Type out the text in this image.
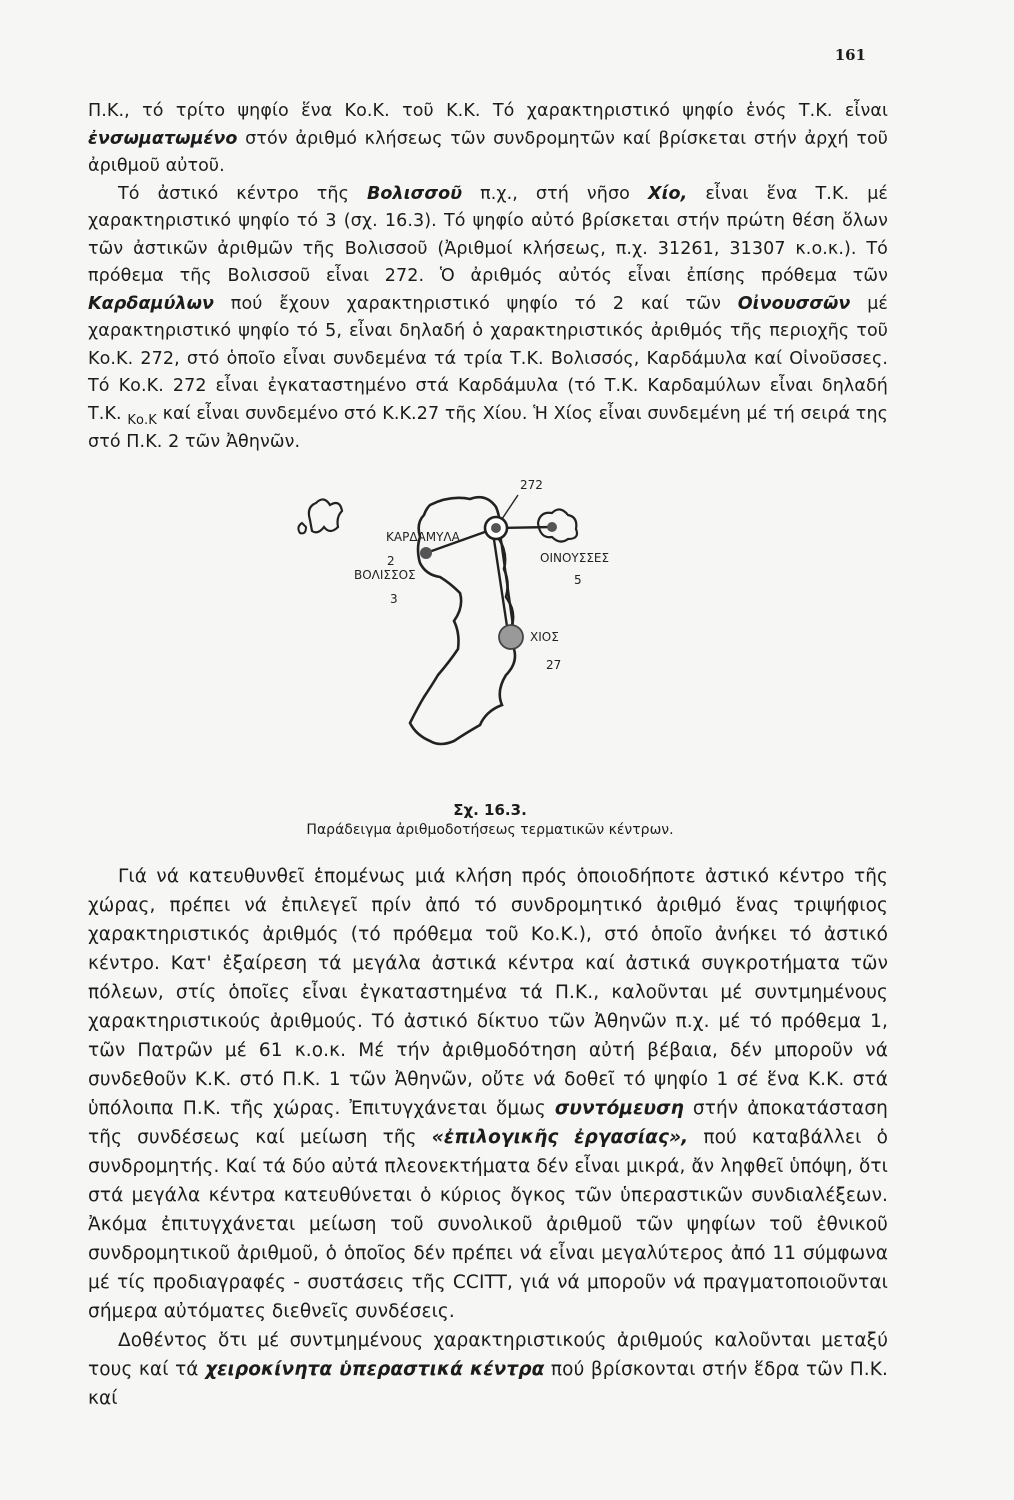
161

Π.Κ., τό τρίτο ψηφίο ἕνα Κο.Κ. τοῦ Κ.Κ. Τό χαρακτηριστικό ψηφίο ἑνός Τ.Κ. εἶναι ἐνσωματωμένο στόν ἀριθμό κλήσεως τῶν συνδρομητῶν καί βρίσκεται στήν ἀρχή τοῦ ἀριθμοῦ αὐτοῦ.

Τό ἀστικό κέντρο τῆς Βολισσοῦ π.χ., στή νῆσο Χίο, εἶναι ἕνα Τ.Κ. μέ χαρακτηριστικό ψηφίο τό 3 (σχ. 16.3). Τό ψηφίο αὐτό βρίσκεται στήν πρώτη θέση ὅλων τῶν ἀστικῶν ἀριθμῶν τῆς Βολισσοῦ (Ἀριθμοί κλήσεως, π.χ. 31261, 31307 κ.ο.κ.). Τό πρόθεμα τῆς Βολισσοῦ εἶναι 272. Ὁ ἀριθμός αὐτός εἶναι ἐπίσης πρόθεμα τῶν Καρδαμύλων πού ἔχουν χαρακτηριστικό ψηφίο τό 2 καί τῶν Οἰνουσσῶν μέ χαρακτηριστικό ψηφίο τό 5, εἶναι δηλαδή ὁ χαρακτηριστικός ἀριθμός τῆς περιοχῆς τοῦ Κο.Κ. 272, στό ὁποῖο εἶναι συνδεμένα τά τρία Τ.Κ. Βολισσός, Καρδάμυλα καί Οἰνοῦσσες. Τό Κο.Κ. 272 εἶναι ἐγκαταστημένο στά Καρδάμυλα (τό Τ.Κ. Καρδαμύλων εἶναι δηλαδή Τ.Κ. $_{Ko.K}$ καί εἶναι συνδεμένο στό Κ.Κ.27 τῆς Χίου. Ἡ Χίος εἶναι συνδεμένη μέ τή σειρά της στό Π.Κ. 2 τῶν Ἀθηνῶν.

272
ΚΑΡΔΑΜΥΛΑ
2
ΒΟΛΙΣΣΟΣ
3
ΟΙΝΟΥΣΣΕΣ
5
ΧΙΟΣ
27
Σχ. 16.3.
Παράδειγμα ἀριθμοδοτήσεως τερματικῶν κέντρων.

Γιά νά κατευθυνθεῖ ἑπομένως μιά κλήση πρός ὁποιοδήποτε ἀστικό κέντρο τῆς χώρας, πρέπει νά ἐπιλεγεῖ πρίν ἀπό τό συνδρομητικό ἀριθμό ἕνας τριψήφιος χαρακτηριστικός ἀριθμός (τό πρόθεμα τοῦ Κο.Κ.), στό ὁποῖο ἀνήκει τό ἀστικό κέντρο. Κατ' ἐξαίρεση τά μεγάλα ἀστικά κέντρα καί ἀστικά συγκροτήματα τῶν πόλεων, στίς ὁποῖες εἶναι ἐγκαταστημένα τά Π.Κ., καλοῦνται μέ συντμημένους χαρακτηριστικούς ἀριθμούς. Τό ἀστικό δίκτυο τῶν Ἀθηνῶν π.χ. μέ τό πρόθεμα 1, τῶν Πατρῶν μέ 61 κ.ο.κ. Μέ τήν ἀριθμοδότηση αὐτή βέβαια, δέν μποροῦν νά συνδεθοῦν Κ.Κ. στό Π.Κ. 1 τῶν Ἀθηνῶν, οὔτε νά δοθεῖ τό ψηφίο 1 σέ ἕνα Κ.Κ. στά ὑπόλοιπα Π.Κ. τῆς χώρας. Ἐπιτυγχάνεται ὅμως συντόμευση στήν ἀποκατάσταση τῆς συνδέσεως καί μείωση τῆς «ἐπιλογικῆς ἐργασίας», πού καταβάλλει ὁ συνδρομητής. Καί τά δύο αὐτά πλεονεκτήματα δέν εἶναι μικρά, ἄν ληφθεῖ ὑπόψη, ὅτι στά μεγάλα κέντρα κατευθύνεται ὁ κύριος ὄγκος τῶν ὑπεραστικῶν συνδιαλέξεων. Ἀκόμα ἐπιτυγχάνεται μείωση τοῦ συνολικοῦ ἀριθμοῦ τῶν ψηφίων τοῦ ἐθνικοῦ συνδρομητικοῦ ἀριθμοῦ, ὁ ὁποῖος δέν πρέπει νά εἶναι μεγαλύτερος ἀπό 11 σύμφωνα μέ τίς προδιαγραφές - συστάσεις τῆς CCITT, γιά νά μποροῦν νά πραγματοποιοῦνται σήμερα αὐτόματες διεθνεῖς συνδέσεις.

Δοθέντος ὅτι μέ συντμημένους χαρακτηριστικούς ἀριθμούς καλοῦνται μεταξύ τους καί τά χειροκίνητα ὑπεραστικά κέντρα πού βρίσκονται στήν ἕδρα τῶν Π.Κ. καί
